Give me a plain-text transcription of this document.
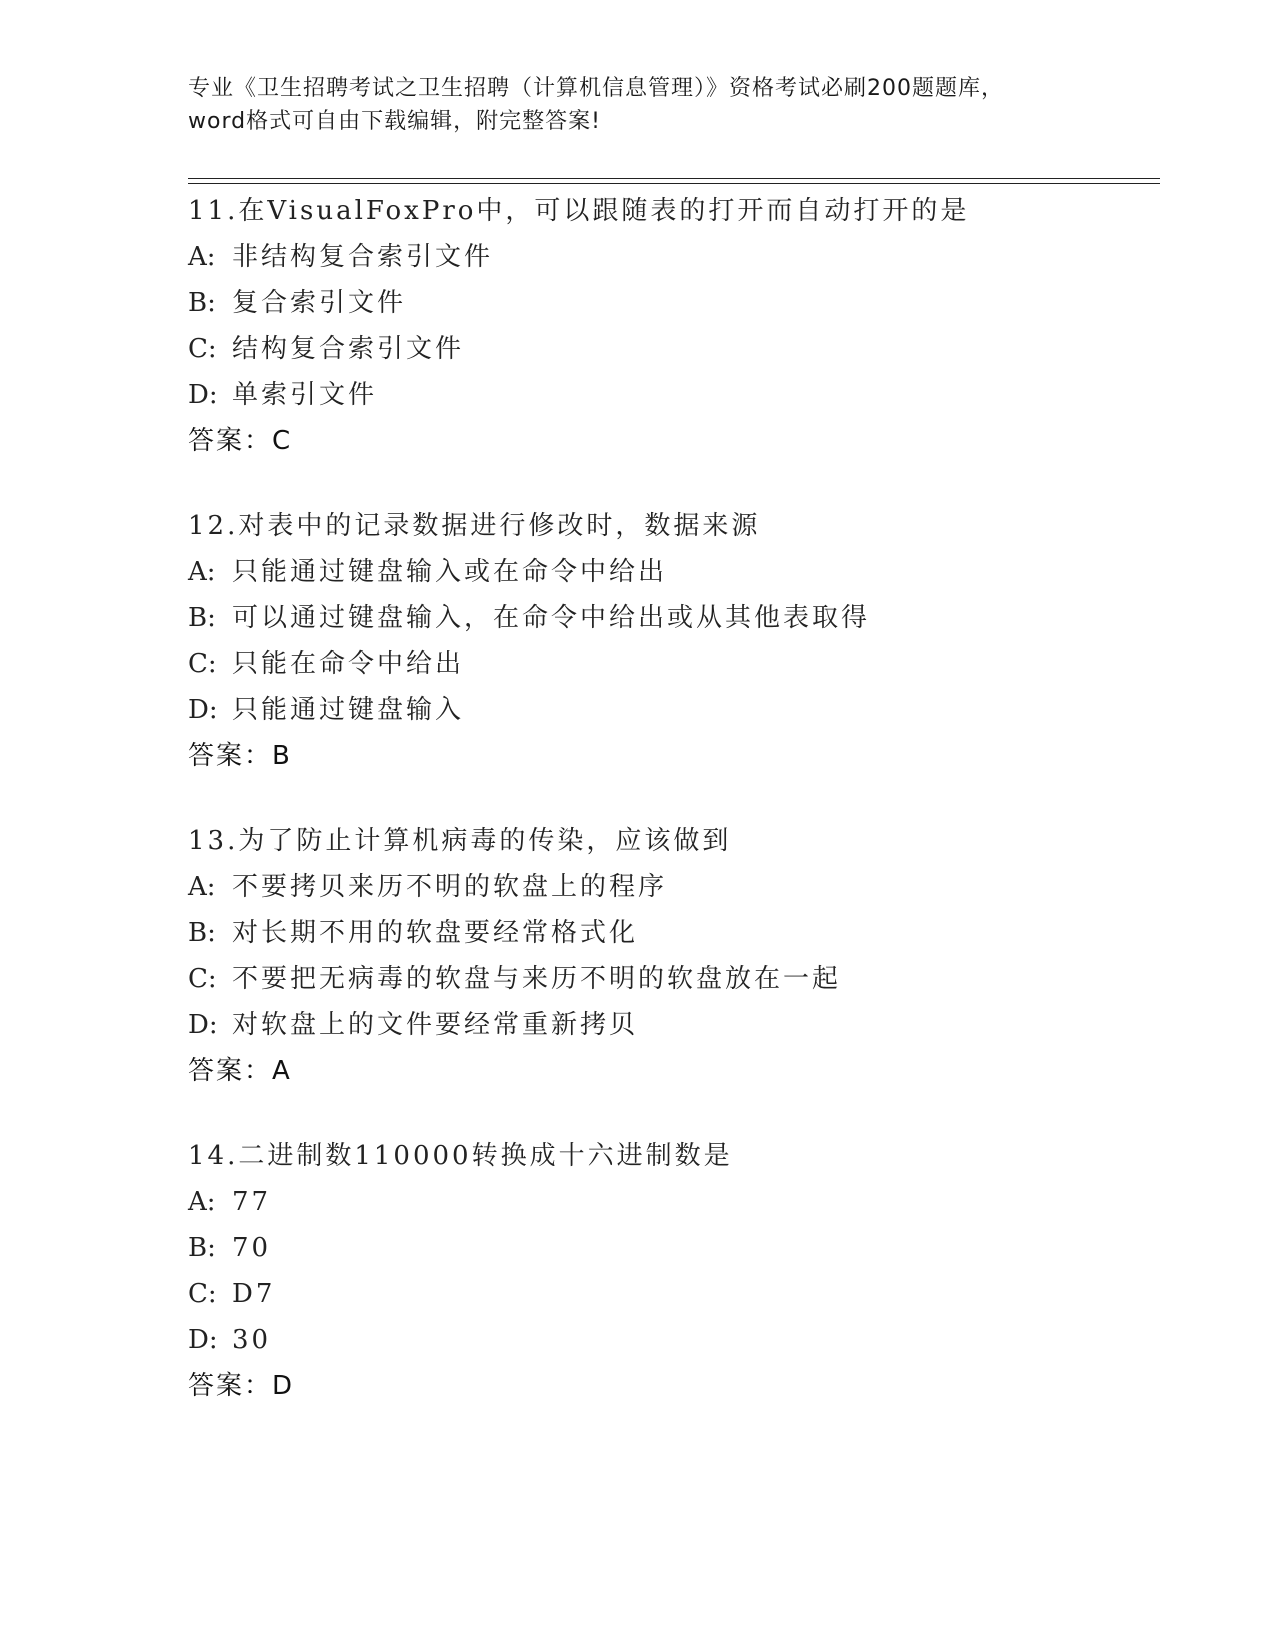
专业《卫生招聘考试之卫生招聘（计算机信息管理）》资格考试必刷200题题库，
word格式可自由下载编辑，附完整答案!
11.在VisualFoxPro中，可以跟随表的打开而自动打开的是
A: 非结构复合索引文件
B: 复合索引文件
C: 结构复合索引文件
D: 单索引文件
答案：C
12.对表中的记录数据进行修改时，数据来源
A: 只能通过键盘输入或在命令中给出
B: 可以通过键盘输入，在命令中给出或从其他表取得
C: 只能在命令中给出
D: 只能通过键盘输入
答案：B
13.为了防止计算机病毒的传染，应该做到
A: 不要拷贝来历不明的软盘上的程序
B: 对长期不用的软盘要经常格式化
C: 不要把无病毒的软盘与来历不明的软盘放在一起
D: 对软盘上的文件要经常重新拷贝
答案：A
14.二进制数110000转换成十六进制数是
A: 77
B: 70
C: D7
D: 30
答案：D
